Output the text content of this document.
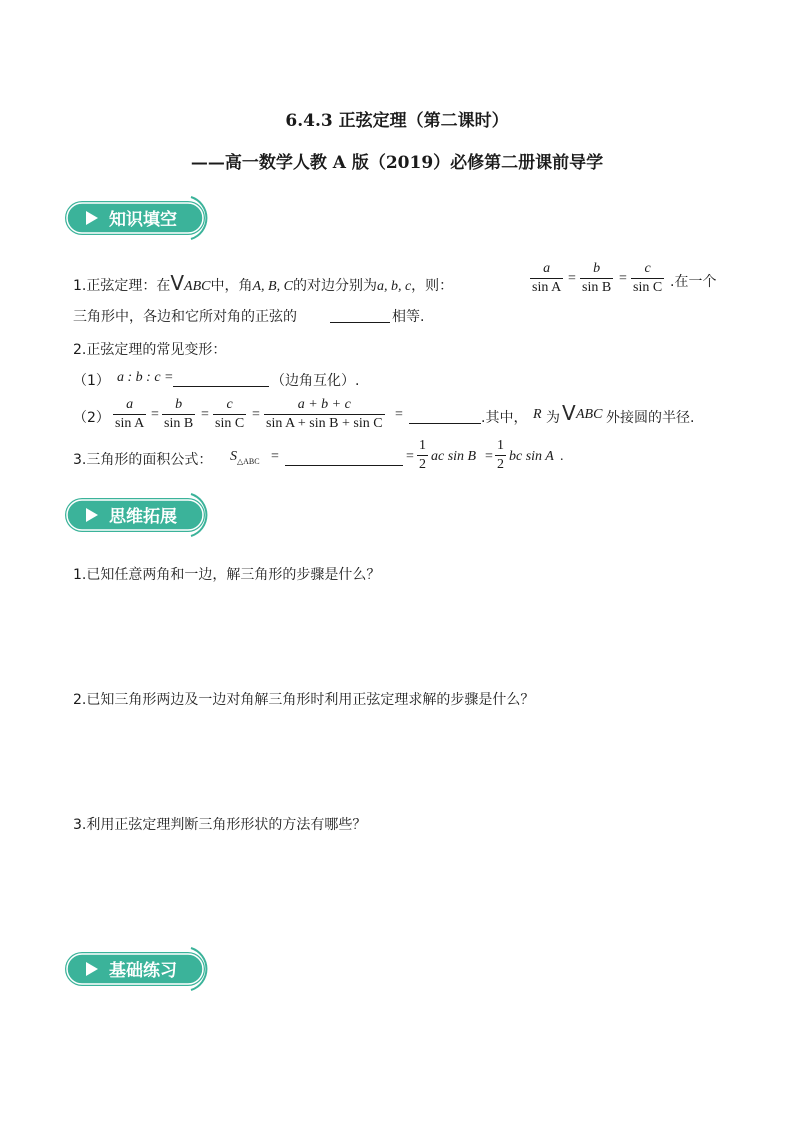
6.4.3 正弦定理（第二课时）
——高一数学人教 A 版（2019）必修第二册课前导学
知识填空
1.正弦定理：在VABC中，角A, B, C的对边分别为a, b, c，则：	$\frac{a}{\text{sin A}} = \frac{b}{\text{sin B}} = \frac{c}{\text{sin C}}$ .在一个
三角形中，各边和它所对角的正弦的	相等.
2.正弦定理的常见变形：
（1） a : b : c =	（边角互化）.
$(2) \frac{a}{\text{sin A}} = \frac{b}{\text{sin B}} = \frac{c}{\text{sin C}} = \frac{a + b + c}{\text{sin A + sin B + sin C}}$ =	.其中， R 为 V ABC 外接圆的半径.
3.三角形的面积公式： $S_{\triangle ABC}$ =	= $\frac{1}{2}$ ac $\sin B = \frac{1}{2}$ bc sin A .
思维拓展
1.已知任意两角和一边，解三角形的步骤是什么？
2.已知三角形两边及一边对角解三角形时利用正弦定理求解的步骤是什么？
3.利用正弦定理判断三角形形状的方法有哪些？
基础练习
